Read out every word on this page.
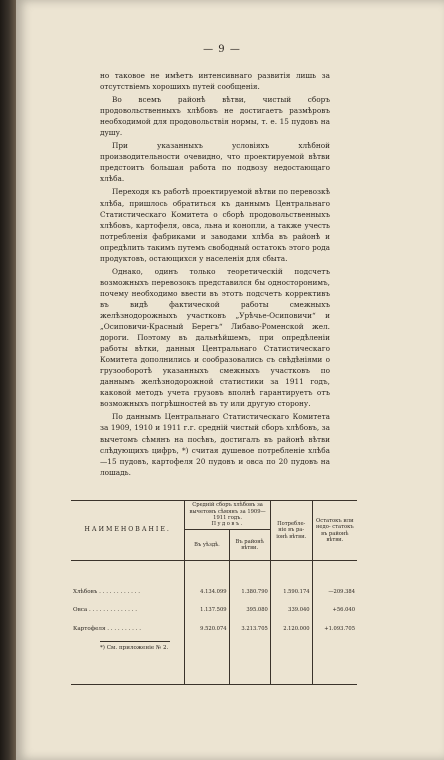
— 9 —

но таковое не имѣетъ интенсивнаго развитія лишь за отсутствіемъ хорошихъ путей сообщенія.

Во всемъ районѣ вѣтви, чистый сборъ продовольственныхъ хлѣбовъ не достигаетъ размѣровъ необходимой для продовольствія нормы, т. е. 15 пудовъ на душу.

При указанныхъ условіяхъ хлѣбной производительности очевидно, что проектируемой вѣтви предстоитъ большая работа по подвозу недостающаго хлѣба.

Переходя къ работѣ проектируемой вѣтви по перевозкѣ хлѣба, пришлось обратиться къ даннымъ Центральнаго Статистическаго Комитета о сборѣ продовольственныхъ хлѣбовъ, картофеля, овса, льна и конопли, а также учесть потребленія фабриками и заводами хлѣба въ районѣ и опредѣлить такимъ путемъ свободный остатокъ этого рода продуктовъ, остающихся у населенія для сбыта.

Однако, одинъ только теоретическій подсчетъ возможныхъ перевозокъ представился бы односторонимъ, почему необходимо ввести въ этотъ подсчетъ коррективъ въ видѣ фактической работы смежныхъ желѣзнодорожныхъ участковъ „Урѣчье-Осиповичи“ и „Осиповичи-Красный Берегъ“ Либаво-Роменской жел. дороги. Поэтому въ дальнѣйшемъ, при опредѣленіи работы вѣтки, данныя Центральнаго Статистическаго Комитета дополнились и сообразовались съ свѣдѣніями о грузооборотѣ указанныхъ смежныхъ участковъ по даннымъ желѣзнодорожной статистики за 1911 годъ, каковой методъ учета грузовъ вполнѣ гарантируетъ отъ возможныхъ погрѣшностей въ ту или другую сторону.

По даннымъ Центральнаго Статистическаго Комитета за 1909, 1910 и 1911 г.г. средній чистый сборъ хлѣбовъ, за вычетомъ сѣмянъ на посѣвъ, достигалъ въ районѣ вѣтви слѣдующихъ цифръ, *) считая душевое потребленіе хлѣба—15 пудовъ, картофеля 20 пудовъ и овса по 20 пудовъ на лошадь.

НАИМЕНОВАНІЕ.	Средній сборъ хлѣбовъ за вычетомъ сѣмянъ за 1909—1911 годъ.
Пудовъ.		Потребле- ніе въ ра- іонѣ вѣтви.	Остатокъ или недо- статокъ въ районѣ вѣтви.
	Въ уѣздѣ.	Въ районѣ вѣтви.		
Хлѣбовъ . . . . . . . . . . . .	4.134.099	1.380.790	1.590.174	—209.384
Овса . . . . . . . . . . . . . .	1.137.509	395.080	339.040	+56.040
Картофеля . . . . . . . . . .	9.520.074	3.213.705	2.120.000	+1.093.705

*) См. приложеніе № 2.
